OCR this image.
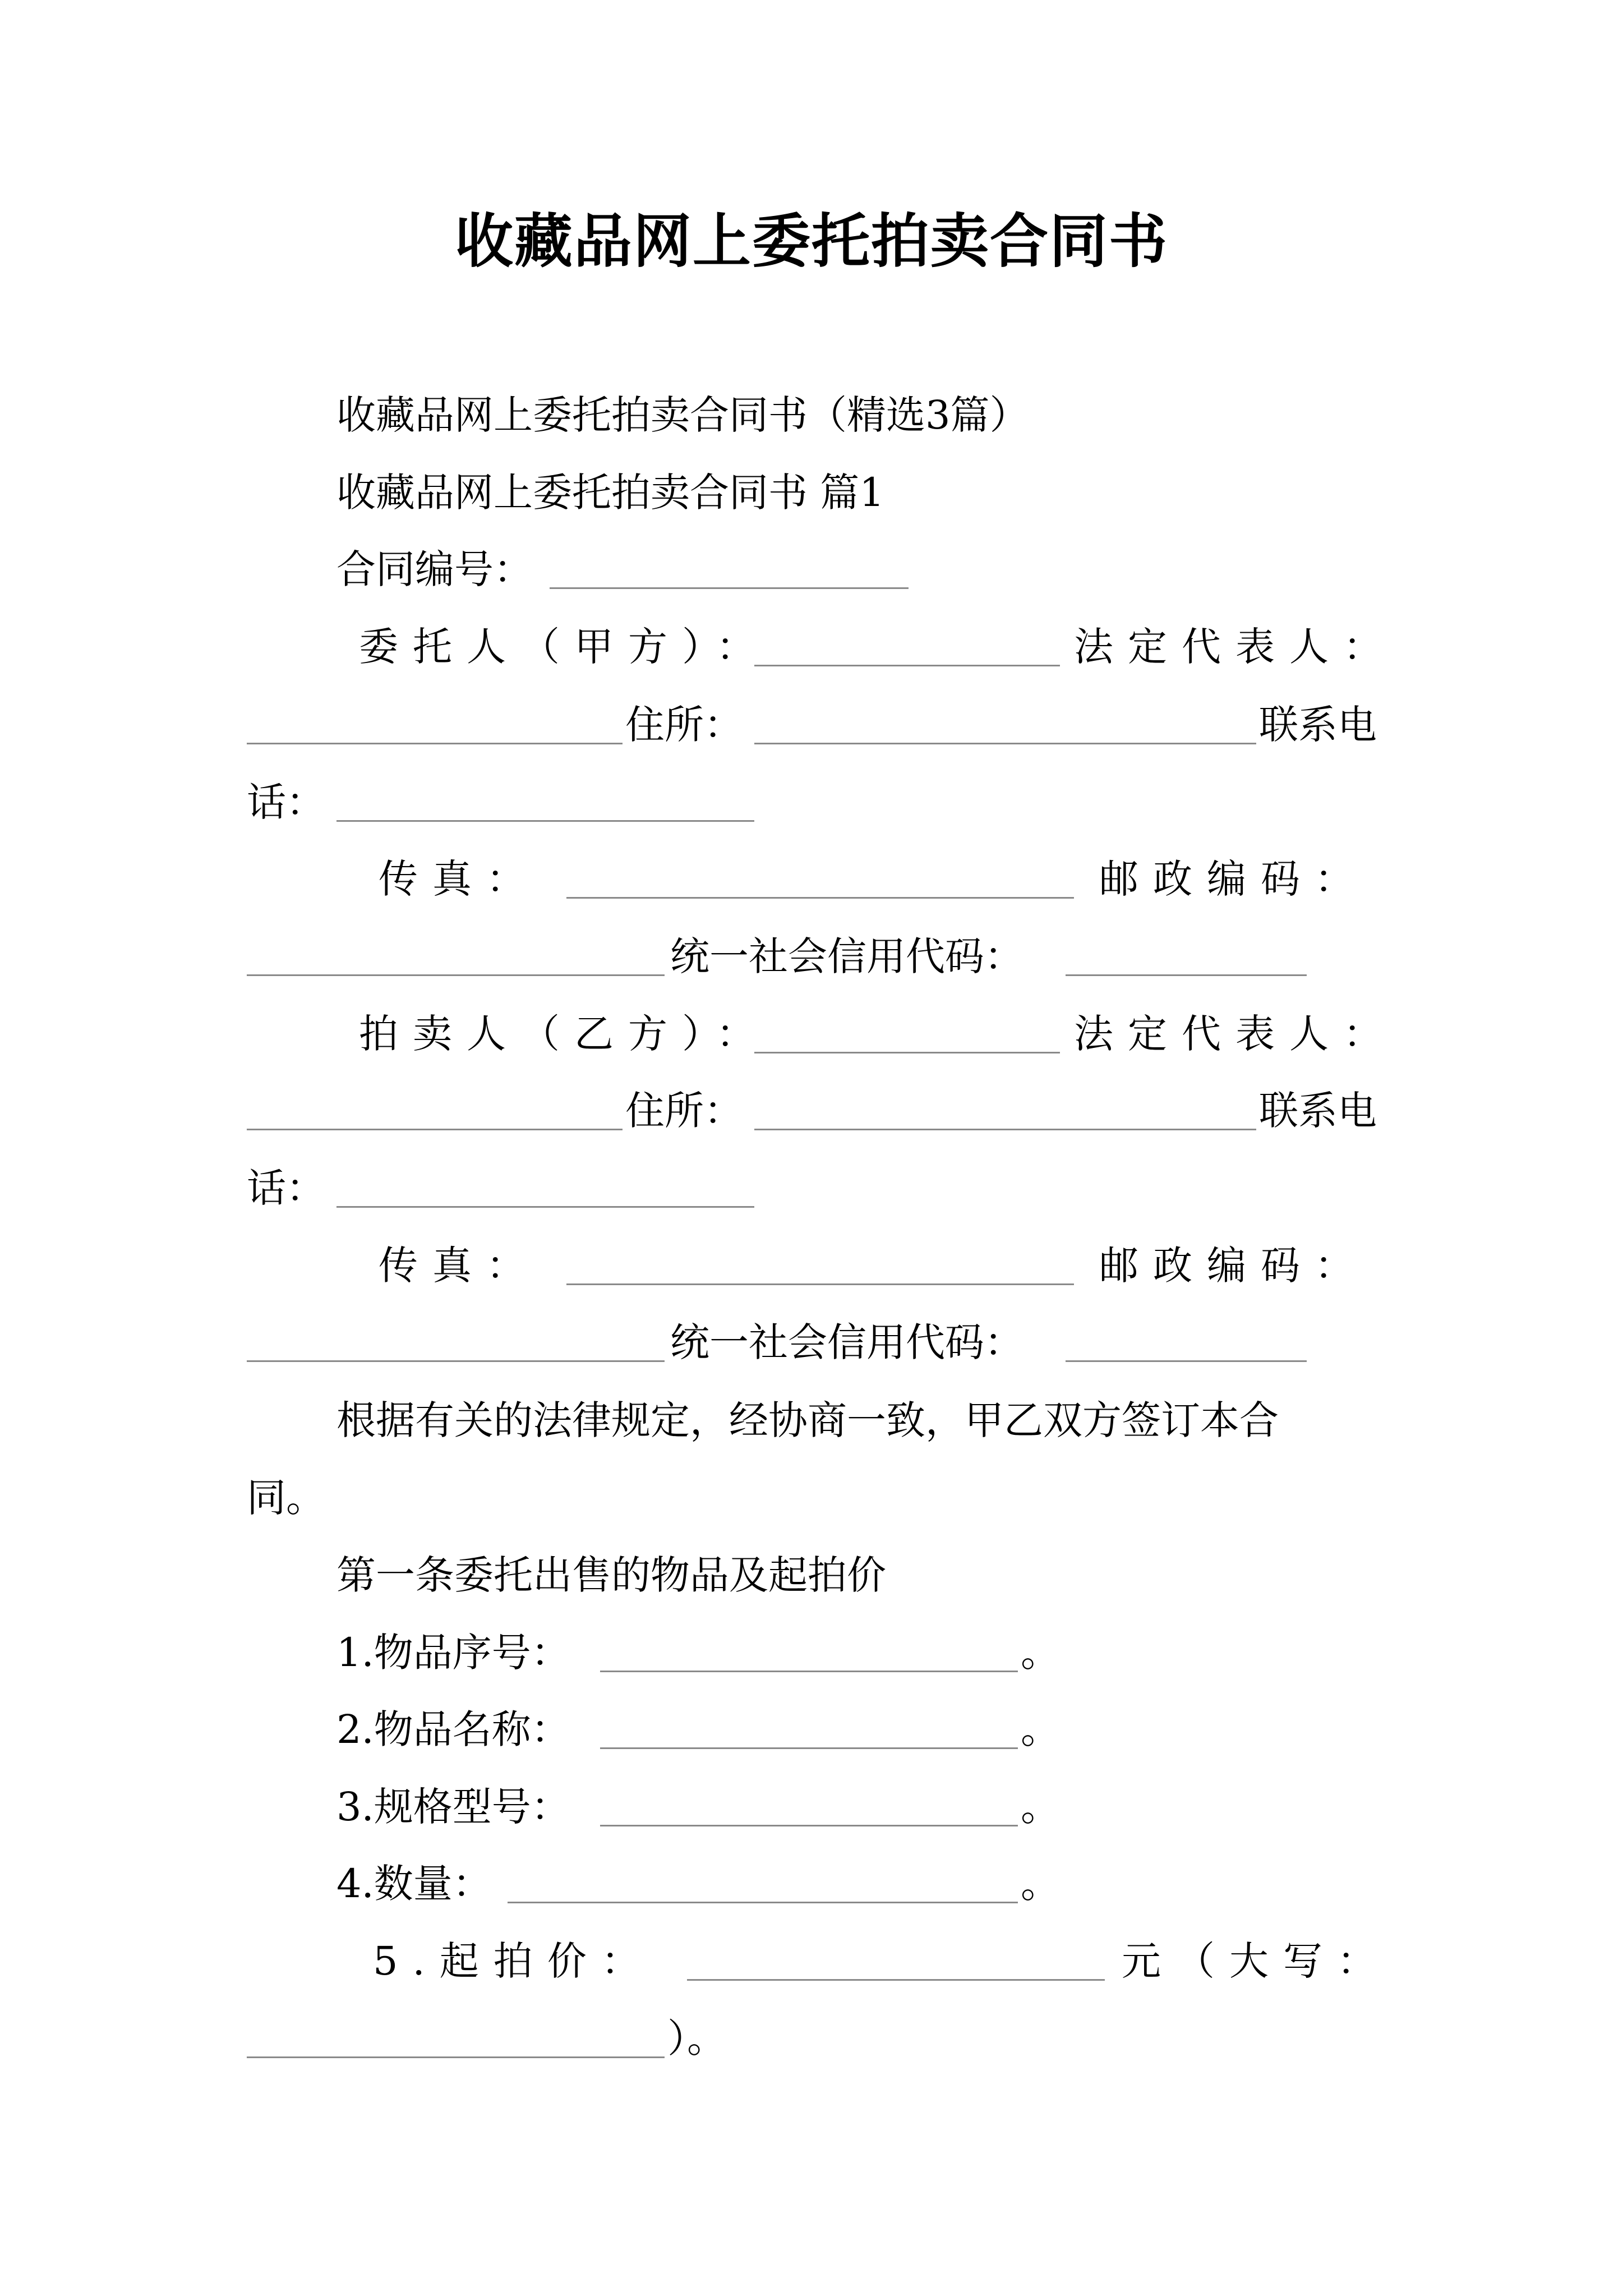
收藏品网上委托拍卖合同书
收藏品网上委托拍卖合同书（精选3篇）
收藏品网上委托拍卖合同书 篇1
合同编号：
委托人（甲方）：	法定代表人：
住所：	联系电
话：
传真：	邮政编码：
统一社会信用代码：
拍卖人（乙方）：	法定代表人：
住所：	联系电
话：
传真：	邮政编码：
统一社会信用代码：
根据有关的法律规定，经协商一致，甲乙双方签订本合
同。
第一条委托出售的物品及起拍价
1.物品序号：	。
2.物品名称：	。
3.规格型号：	。
4.数量：	。
5.起拍价：	元（大写：
）。
